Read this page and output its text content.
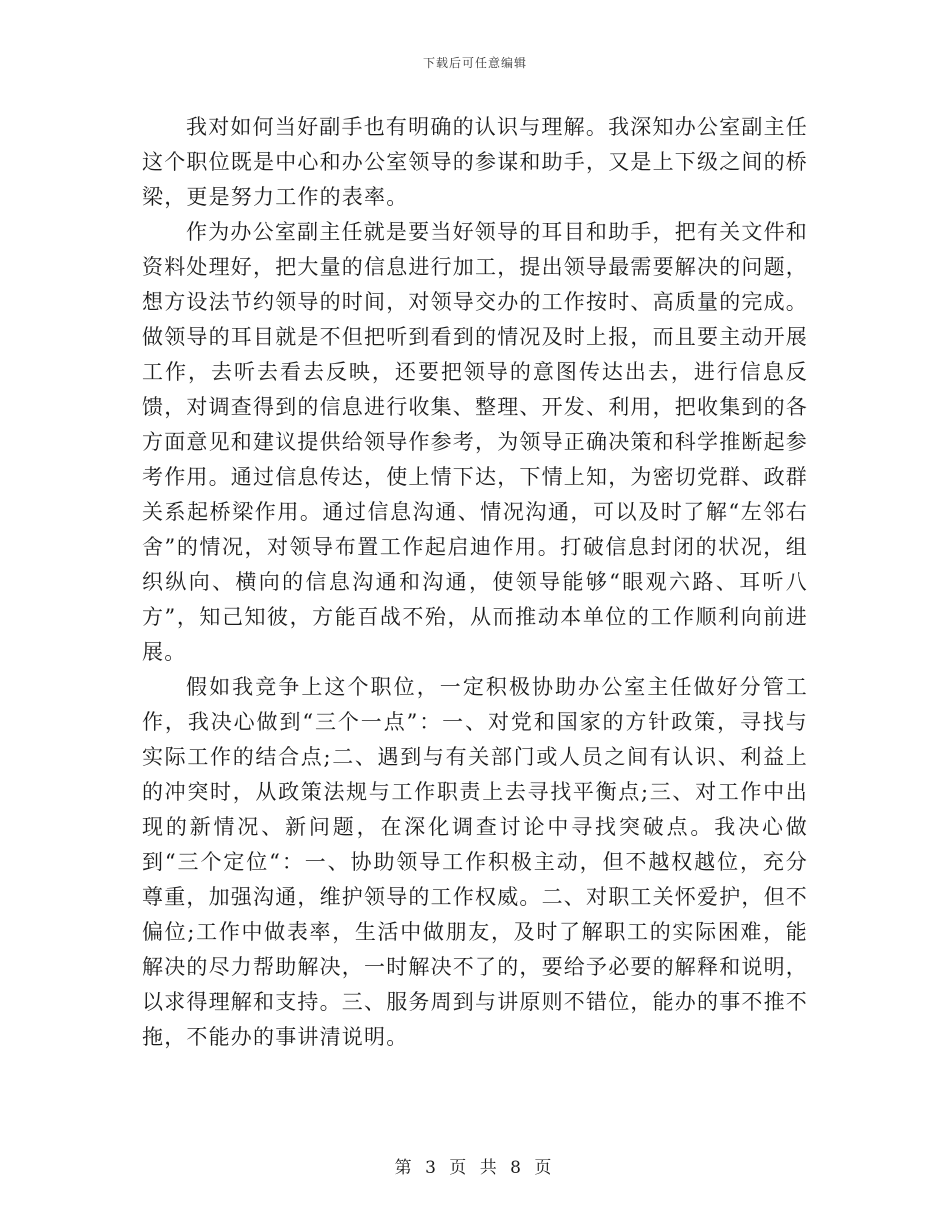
下载后可任意编辑

我对如何当好副手也有明确的认识与理解。我深知办公室副主任这个职位既是中心和办公室领导的参谋和助手，又是上下级之间的桥梁，更是努力工作的表率。

作为办公室副主任就是要当好领导的耳目和助手，把有关文件和资料处理好，把大量的信息进行加工，提出领导最需要解决的问题，想方设法节约领导的时间，对领导交办的工作按时、高质量的完成。做领导的耳目就是不但把听到看到的情况及时上报，而且要主动开展工作，去听去看去反映，还要把领导的意图传达出去，进行信息反馈，对调查得到的信息进行收集、整理、开发、利用，把收集到的各方面意见和建议提供给领导作参考，为领导正确决策和科学推断起参考作用。通过信息传达，使上情下达，下情上知，为密切党群、政群关系起桥梁作用。通过信息沟通、情况沟通，可以及时了解“左邻右舍”的情况，对领导布置工作起启迪作用。打破信息封闭的状况，组织纵向、横向的信息沟通和沟通，使领导能够“眼观六路、耳听八方”，知己知彼，方能百战不殆，从而推动本单位的工作顺利向前进展。

假如我竞争上这个职位，一定积极协助办公室主任做好分管工作，我决心做到“三个一点”：一、对党和国家的方针政策，寻找与实际工作的结合点;二、遇到与有关部门或人员之间有认识、利益上的冲突时，从政策法规与工作职责上去寻找平衡点;三、对工作中出现的新情况、新问题，在深化调查讨论中寻找突破点。我决心做到“三个定位“：一、协助领导工作积极主动，但不越权越位，充分尊重，加强沟通，维护领导的工作权威。二、对职工关怀爱护，但不偏位;工作中做表率，生活中做朋友，及时了解职工的实际困难，能解决的尽力帮助解决，一时解决不了的，要给予必要的解释和说明，以求得理解和支持。三、服务周到与讲原则不错位，能办的事不推不拖，不能办的事讲清说明。

第 3 页 共 8 页
